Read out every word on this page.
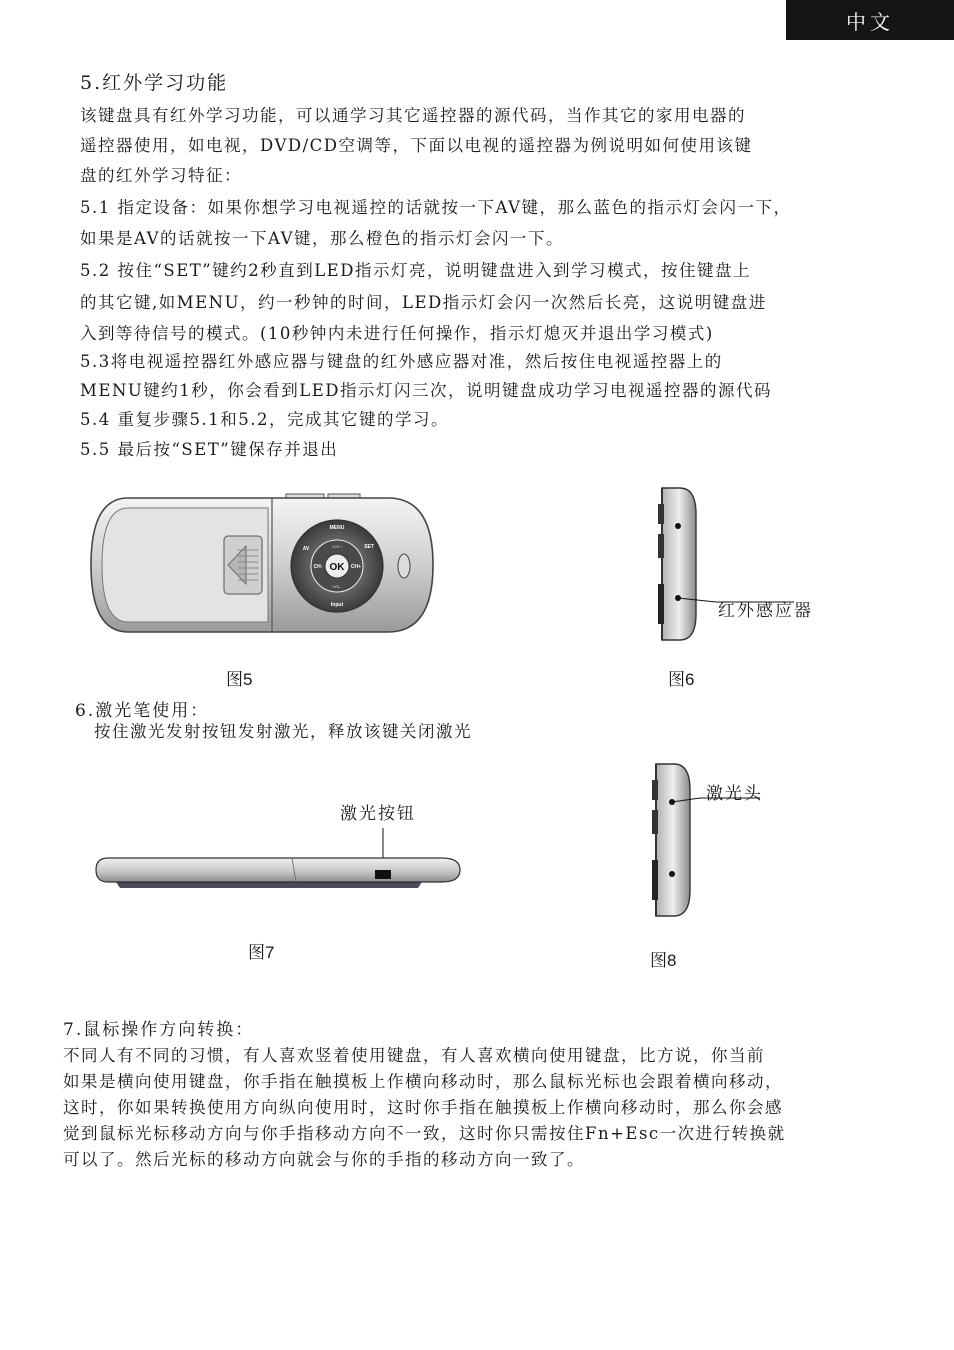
中文
5.红外学习功能
该键盘具有红外学习功能，可以通学习其它遥控器的源代码，当作其它的家用电器的
遥控器使用，如电视，DVD/CD空调等，下面以电视的遥控器为例说明如何使用该键
盘的红外学习特征：
5.1 指定设备：如果你想学习电视遥控的话就按一下AV键，那么蓝色的指示灯会闪一下，
如果是AV的话就按一下AV键，那么橙色的指示灯会闪一下。
5.2 按住“SET”键约2秒直到LED指示灯亮，说明键盘进入到学习模式，按住键盘上
的其它键,如MENU，约一秒钟的时间，LED指示灯会闪一次然后长亮，这说明键盘进
入到等待信号的模式。(10秒钟内未进行任何操作，指示灯熄灭并退出学习模式)
5.3将电视遥控器红外感应器与键盘的红外感应器对准，然后按住电视遥控器上的
MENU键约1秒，你会看到LED指示灯闪三次，说明键盘成功学习电视遥控器的源代码
5.4 重复步骤5.1和5.2，完成其它键的学习。
5.5 最后按“SET”键保存并退出
OK
MENU
Input
AV	SET
CH-	CH+
VOL+
VOL-
图5
红外感应器
图6
6.激光笔使用：
按住激光发射按钮发射激光，释放该键关闭激光
激光按钮
图7
激光头
图8
7.鼠标操作方向转换：
不同人有不同的习惯，有人喜欢竖着使用键盘，有人喜欢横向使用键盘，比方说，你当前
如果是横向使用键盘，你手指在触摸板上作横向移动时，那么鼠标光标也会跟着横向移动，
这时，你如果转换使用方向纵向使用时，这时你手指在触摸板上作横向移动时，那么你会感
觉到鼠标光标移动方向与你手指移动方向不一致，这时你只需按住Fn+Esc一次进行转换就
可以了。然后光标的移动方向就会与你的手指的移动方向一致了。
